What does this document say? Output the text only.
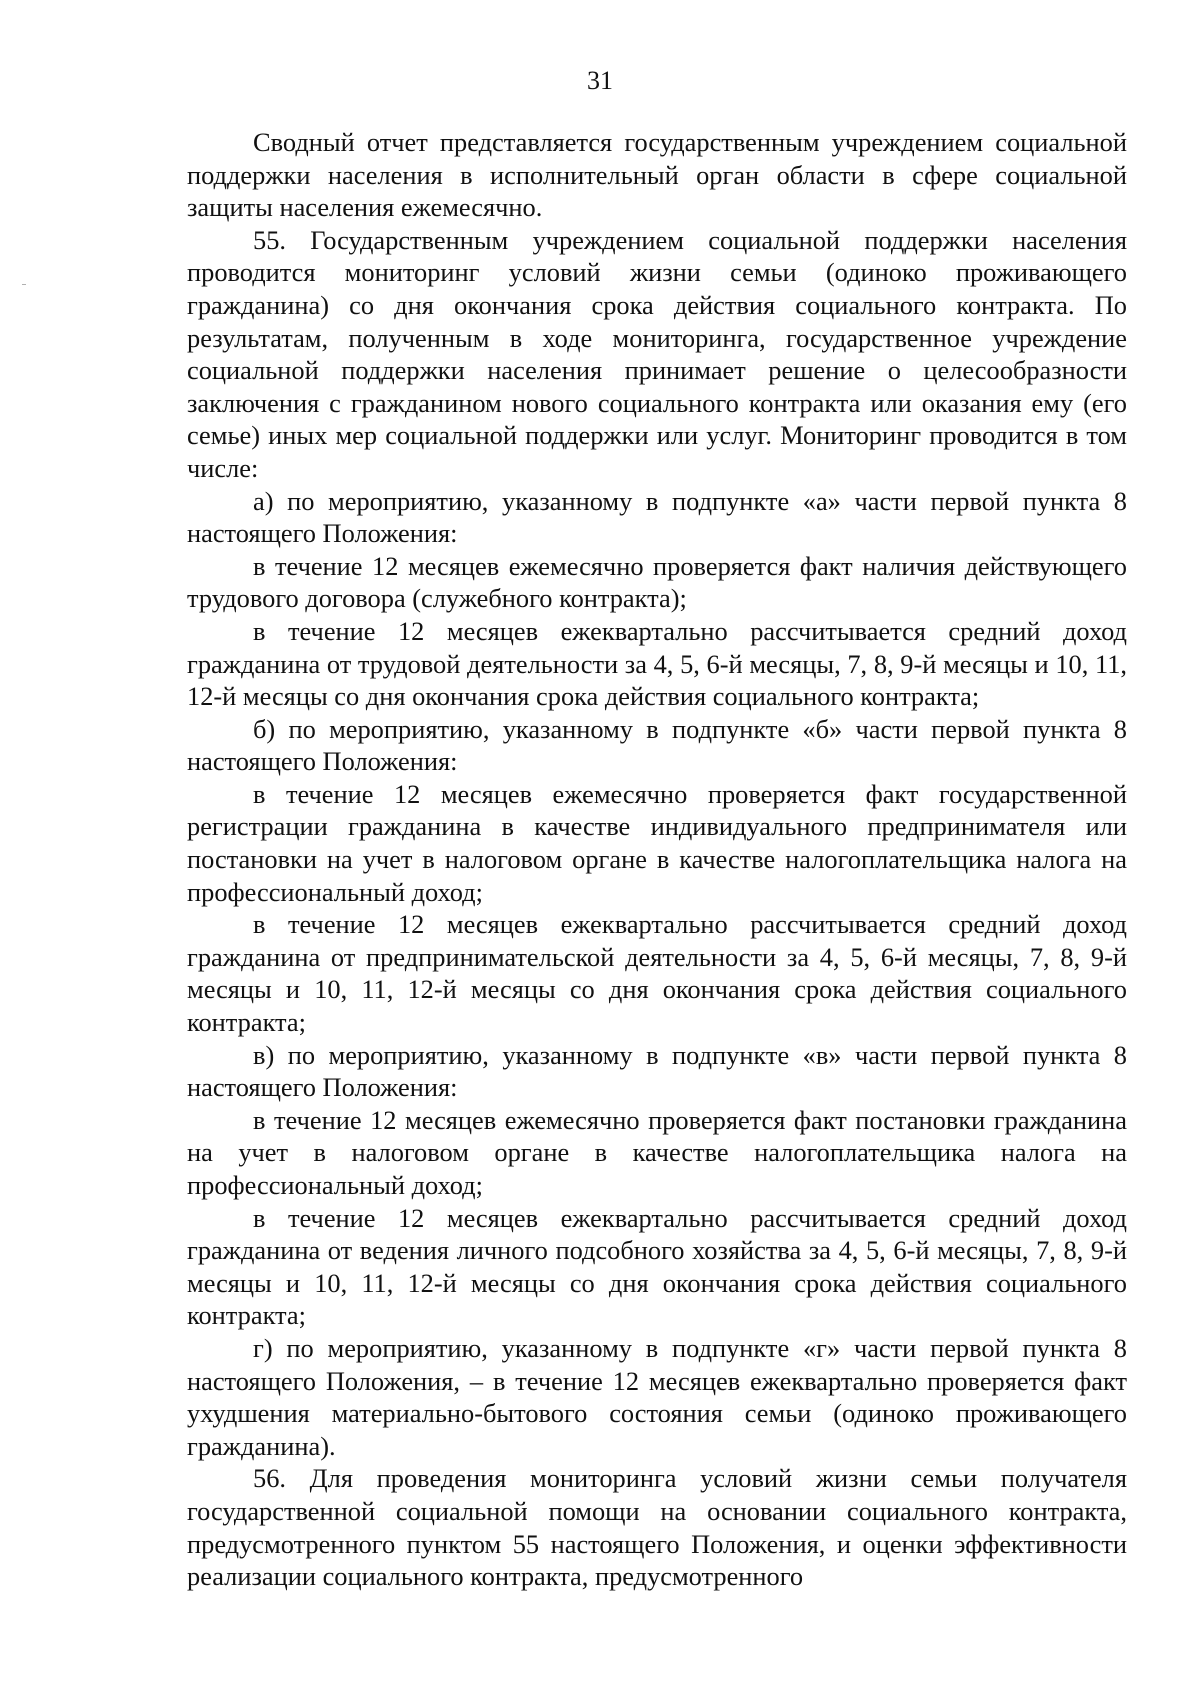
31

Сводный отчет представляется государственным учреждением социальной поддержки населения в исполнительный орган области в сфере социальной защиты населения ежемесячно.

55. Государственным учреждением социальной поддержки населения проводится мониторинг условий жизни семьи (одиноко проживающего гражданина) со дня окончания срока действия социального контракта. По результатам, полученным в ходе мониторинга, государственное учреждение социальной поддержки населения принимает решение о целесообразности заключения с гражданином нового социального контракта или оказания ему (его семье) иных мер социальной поддержки или услуг. Мониторинг проводится в том числе:

а) по мероприятию, указанному в подпункте «а» части первой пункта 8 настоящего Положения:

в течение 12 месяцев ежемесячно проверяется факт наличия действующего трудового договора (служебного контракта);

в течение 12 месяцев ежеквартально рассчитывается средний доход гражданина от трудовой деятельности за 4, 5, 6-й месяцы, 7, 8, 9-й месяцы и 10, 11, 12-й месяцы со дня окончания срока действия социального контракта;

б) по мероприятию, указанному в подпункте «б» части первой пункта 8 настоящего Положения:

в течение 12 месяцев ежемесячно проверяется факт государственной регистрации гражданина в качестве индивидуального предпринимателя или постановки на учет в налоговом органе в качестве налогоплательщика налога на профессиональный доход;

в течение 12 месяцев ежеквартально рассчитывается средний доход гражданина от предпринимательской деятельности за 4, 5, 6-й месяцы, 7, 8, 9-й месяцы и 10, 11, 12-й месяцы со дня окончания срока действия социального контракта;

в) по мероприятию, указанному в подпункте «в» части первой пункта 8 настоящего Положения:

в течение 12 месяцев ежемесячно проверяется факт постановки гражданина на учет в налоговом органе в качестве налогоплательщика налога на профессиональный доход;

в течение 12 месяцев ежеквартально рассчитывается средний доход гражданина от ведения личного подсобного хозяйства за 4, 5, 6-й месяцы, 7, 8, 9-й месяцы и 10, 11, 12-й месяцы со дня окончания срока действия социального контракта;

г) по мероприятию, указанному в подпункте «г» части первой пункта 8 настоящего Положения, – в течение 12 месяцев ежеквартально проверяется факт ухудшения материально-бытового состояния семьи (одиноко проживающего гражданина).

56. Для проведения мониторинга условий жизни семьи получателя государственной социальной помощи на основании социального контракта, предусмотренного пунктом 55 настоящего Положения, и оценки эффективности реализации социального контракта, предусмотренного
